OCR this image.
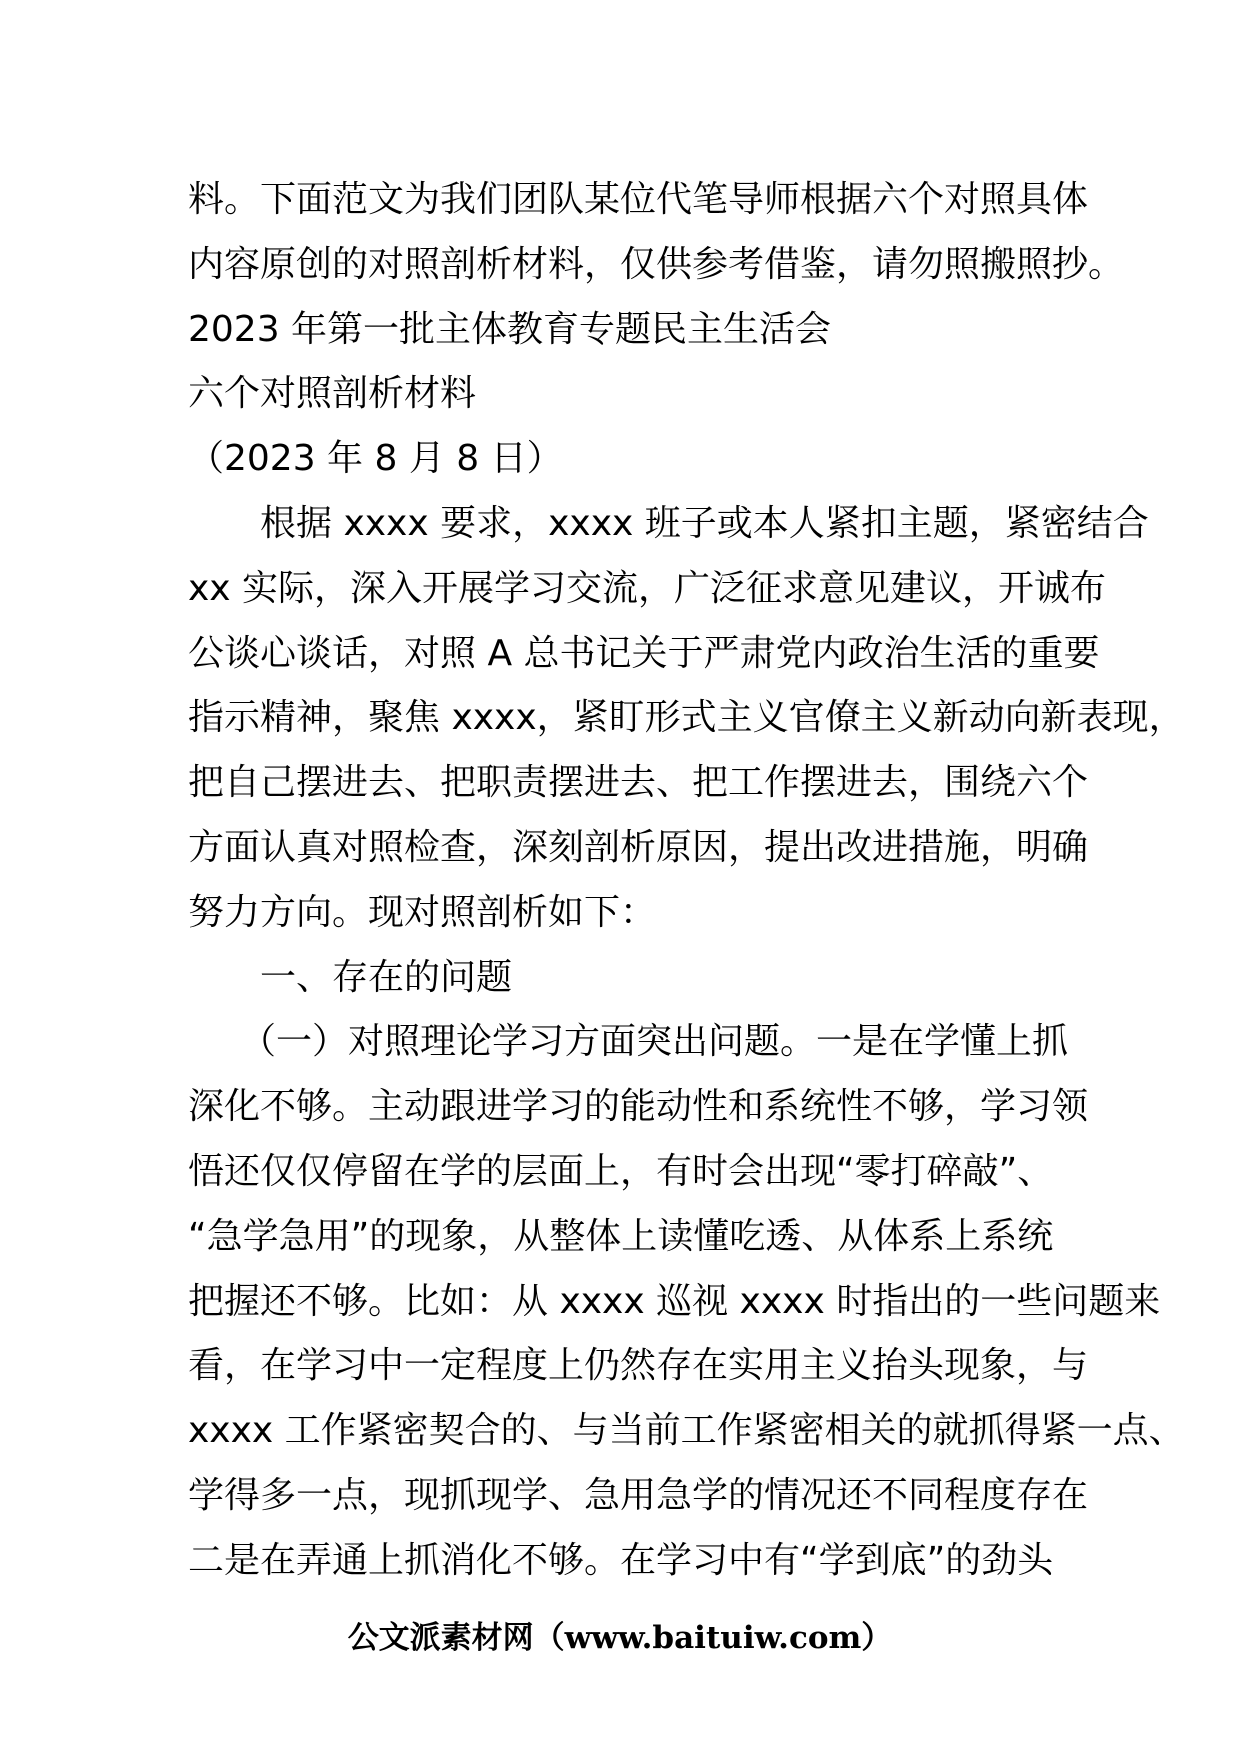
料。下面范文为我们团队某位代笔导师根据六个对照具体
内容原创的对照剖析材料，仅供参考借鉴，请勿照搬照抄。
2023 年第一批主体教育专题民主生活会
六个对照剖析材料
（2023 年 8 月 8 日）
根据 xxxx 要求，xxxx 班子或本人紧扣主题，紧密结合
xx 实际，深入开展学习交流，广泛征求意见建议，开诚布
公谈心谈话，对照 A 总书记关于严肃党内政治生活的重要
指示精神，聚焦 xxxx，紧盯形式主义官僚主义新动向新表现，
把自己摆进去、把职责摆进去、把工作摆进去，围绕六个
方面认真对照检查，深刻剖析原因，提出改进措施，明确
努力方向。现对照剖析如下：
一、存在的问题
（一）对照理论学习方面突出问题。一是在学懂上抓
深化不够。主动跟进学习的能动性和系统性不够，学习领
悟还仅仅停留在学的层面上，有时会出现“零打碎敲”、
“急学急用”的现象，从整体上读懂吃透、从体系上系统
把握还不够。比如：从 xxxx 巡视 xxxx 时指出的一些问题来
看，在学习中一定程度上仍然存在实用主义抬头现象，与
xxxx 工作紧密契合的、与当前工作紧密相关的就抓得紧一点、
学得多一点，现抓现学、急用急学的情况还不同程度存在
二是在弄通上抓消化不够。在学习中有“学到底”的劲头
公文派素材网（www.baituiw.com）
